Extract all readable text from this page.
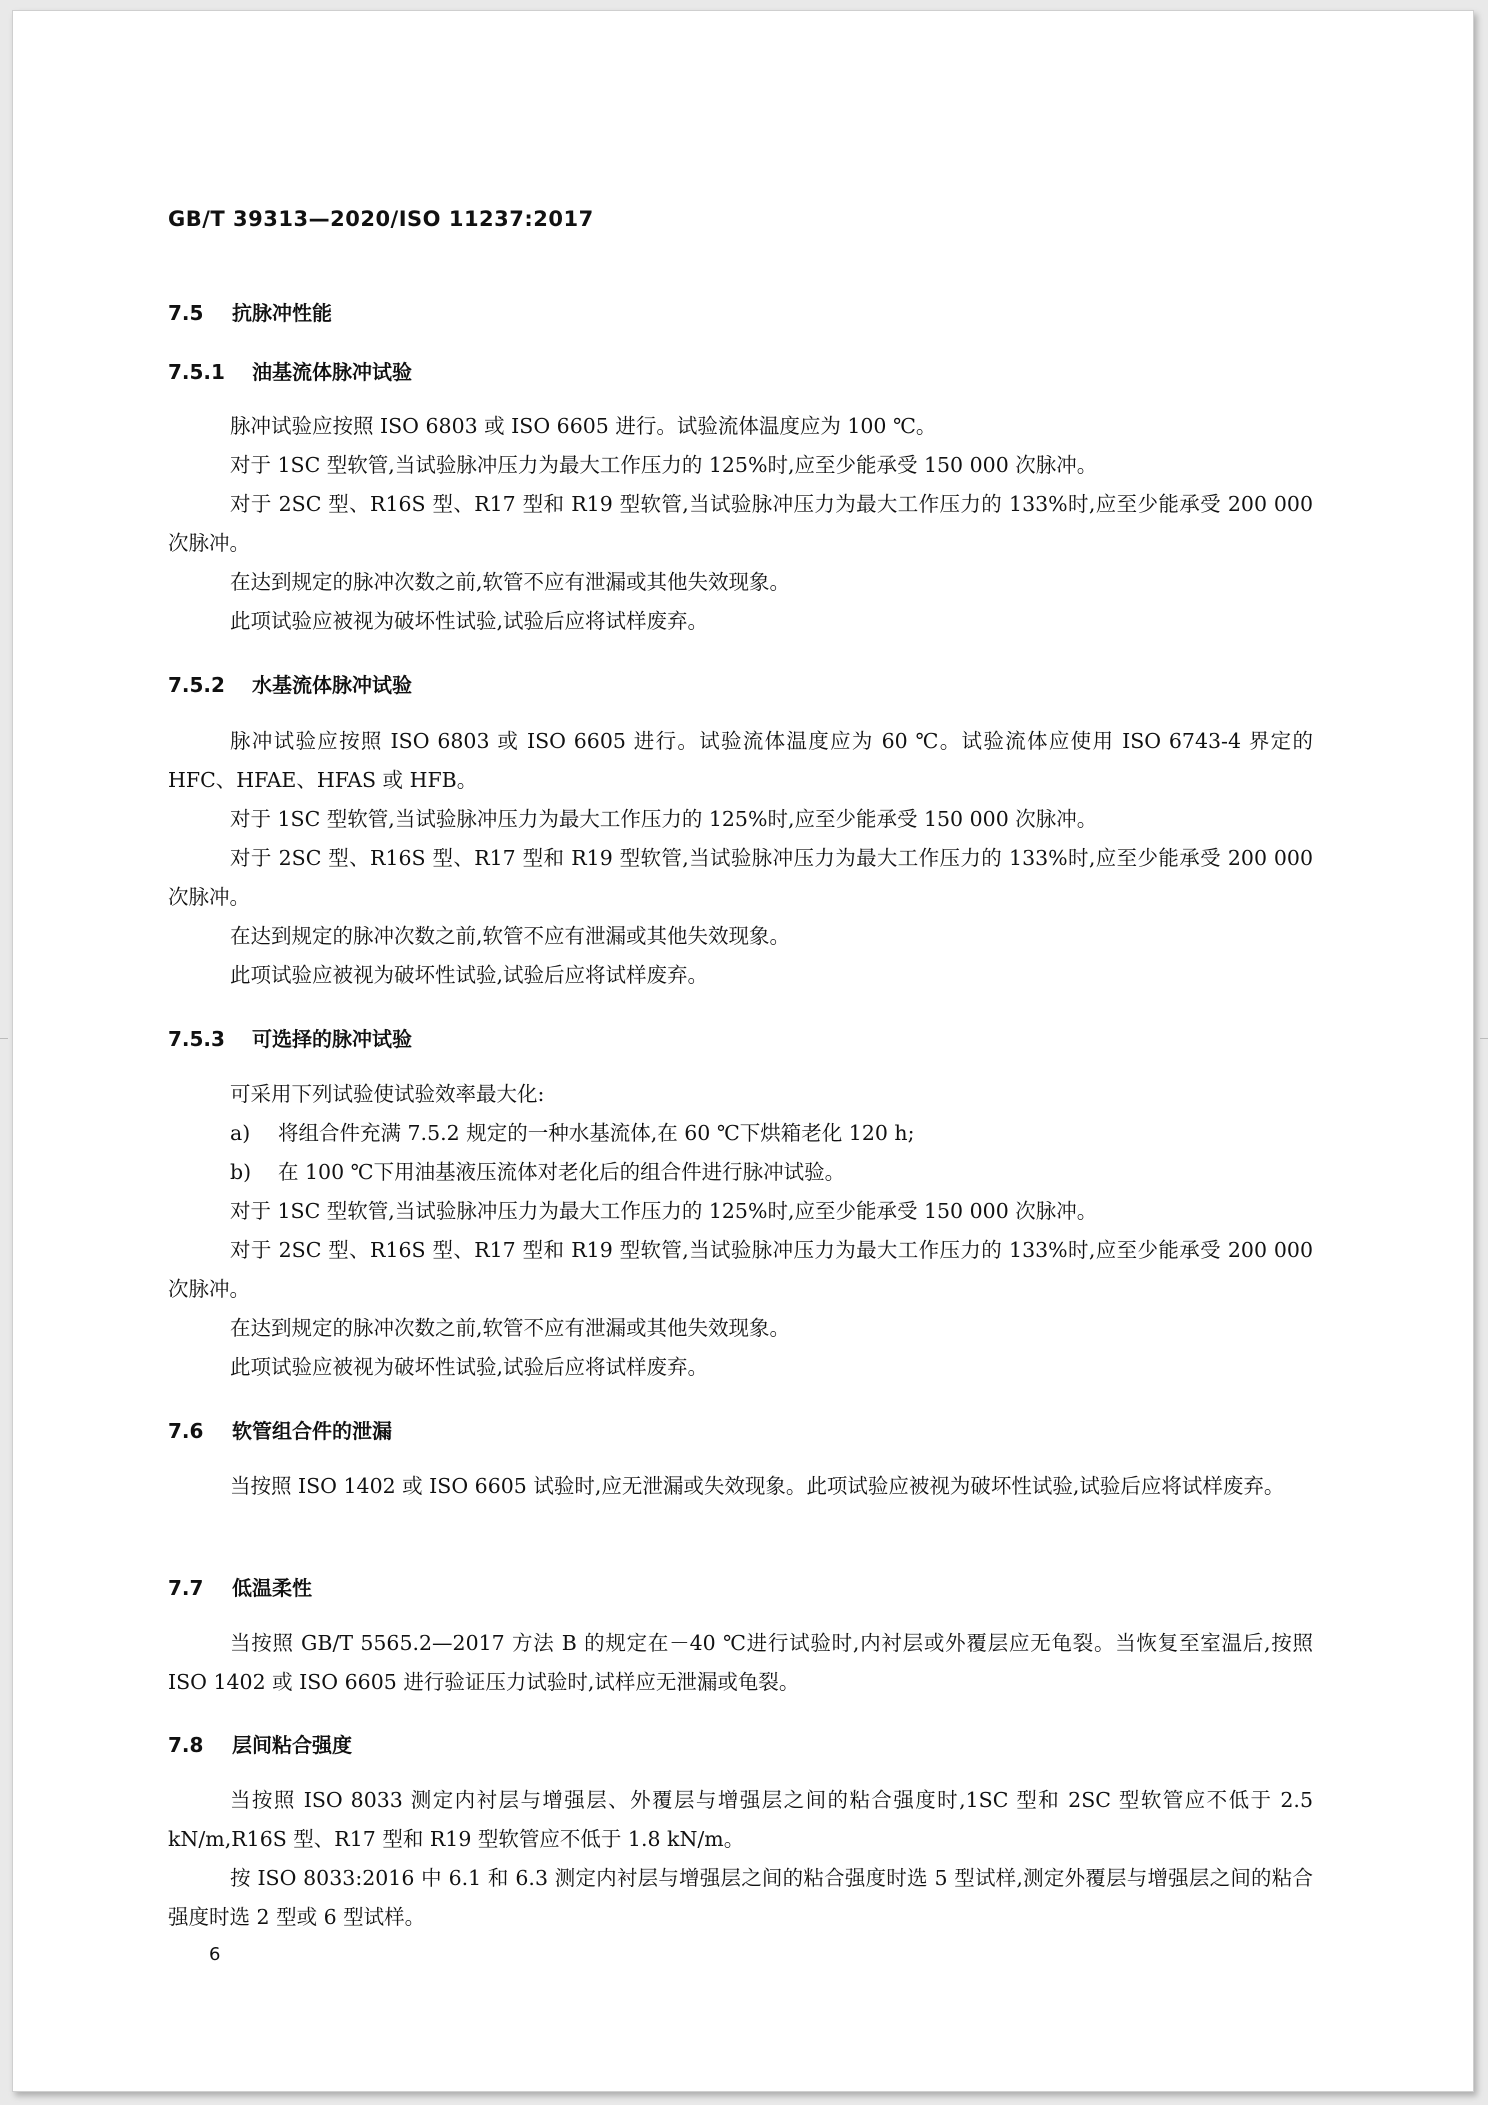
GB/T 39313—2020/ISO 11237:2017
7.5 抗脉冲性能
7.5.1 油基流体脉冲试验
脉冲试验应按照 ISO 6803 或 ISO 6605 进行。试验流体温度应为 100 ℃。
对于 1SC 型软管,当试验脉冲压力为最大工作压力的 125%时,应至少能承受 150 000 次脉冲。
对于 2SC 型、R16S 型、R17 型和 R19 型软管,当试验脉冲压力为最大工作压力的 133%时,应至少能承受 200 000 次脉冲。
在达到规定的脉冲次数之前,软管不应有泄漏或其他失效现象。
此项试验应被视为破坏性试验,试验后应将试样废弃。
7.5.2 水基流体脉冲试验
脉冲试验应按照 ISO 6803 或 ISO 6605 进行。试验流体温度应为 60 ℃。试验流体应使用 ISO 6743-4 界定的 HFC、HFAE、HFAS 或 HFB。
对于 1SC 型软管,当试验脉冲压力为最大工作压力的 125%时,应至少能承受 150 000 次脉冲。
对于 2SC 型、R16S 型、R17 型和 R19 型软管,当试验脉冲压力为最大工作压力的 133%时,应至少能承受 200 000 次脉冲。
在达到规定的脉冲次数之前,软管不应有泄漏或其他失效现象。
此项试验应被视为破坏性试验,试验后应将试样废弃。
7.5.3 可选择的脉冲试验
可采用下列试验使试验效率最大化:
a) 将组合件充满 7.5.2 规定的一种水基流体,在 60 ℃下烘箱老化 120 h;
b) 在 100 ℃下用油基液压流体对老化后的组合件进行脉冲试验。
对于 1SC 型软管,当试验脉冲压力为最大工作压力的 125%时,应至少能承受 150 000 次脉冲。
对于 2SC 型、R16S 型、R17 型和 R19 型软管,当试验脉冲压力为最大工作压力的 133%时,应至少能承受 200 000 次脉冲。
在达到规定的脉冲次数之前,软管不应有泄漏或其他失效现象。
此项试验应被视为破坏性试验,试验后应将试样废弃。
7.6 软管组合件的泄漏
当按照 ISO 1402 或 ISO 6605 试验时,应无泄漏或失效现象。此项试验应被视为破坏性试验,试验后应将试样废弃。
7.7 低温柔性
当按照 GB/T 5565.2—2017 方法 B 的规定在－40 ℃进行试验时,内衬层或外覆层应无龟裂。当恢复至室温后,按照 ISO 1402 或 ISO 6605 进行验证压力试验时,试样应无泄漏或龟裂。
7.8 层间粘合强度
当按照 ISO 8033 测定内衬层与增强层、外覆层与增强层之间的粘合强度时,1SC 型和 2SC 型软管应不低于 2.5 kN/m,R16S 型、R17 型和 R19 型软管应不低于 1.8 kN/m。
按 ISO 8033:2016 中 6.1 和 6.3 测定内衬层与增强层之间的粘合强度时选 5 型试样,测定外覆层与增强层之间的粘合强度时选 2 型或 6 型试样。
6
